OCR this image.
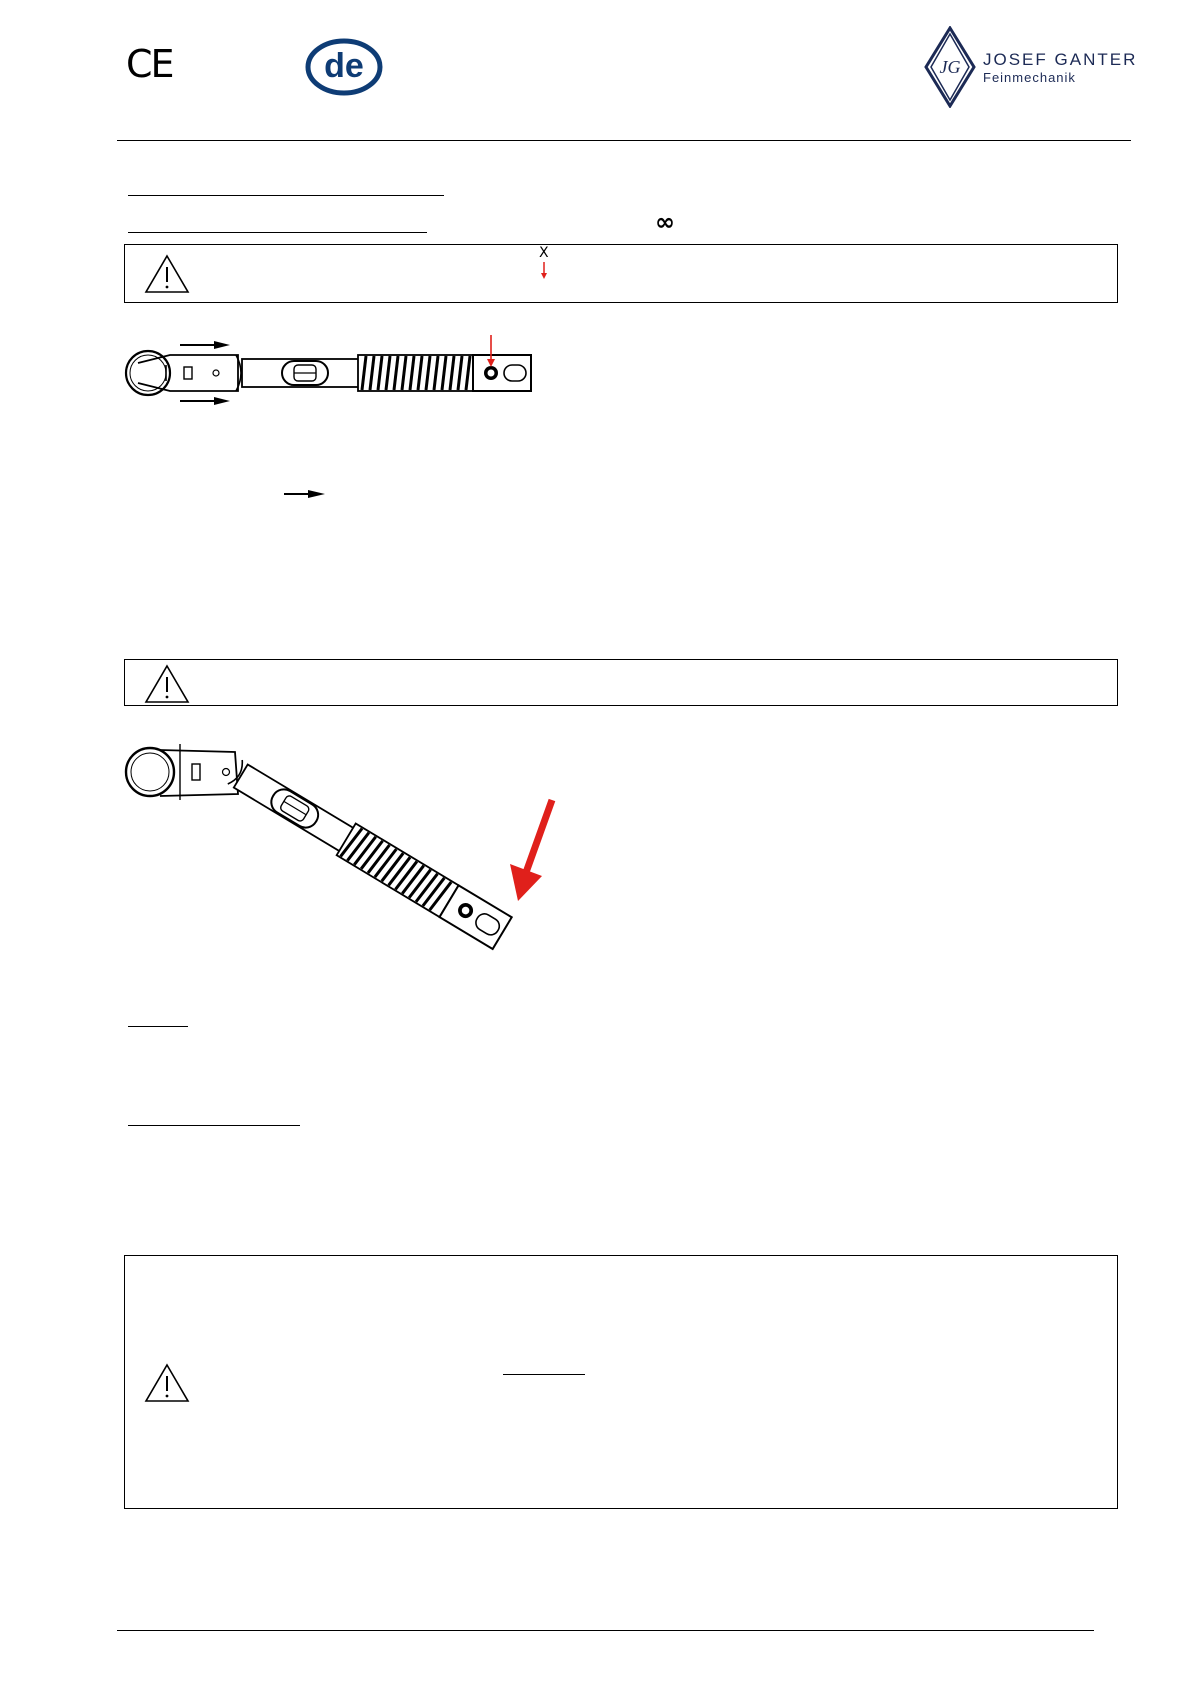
CE	de	JG JOSEF GANTER
Feinmechanik
∞
X
